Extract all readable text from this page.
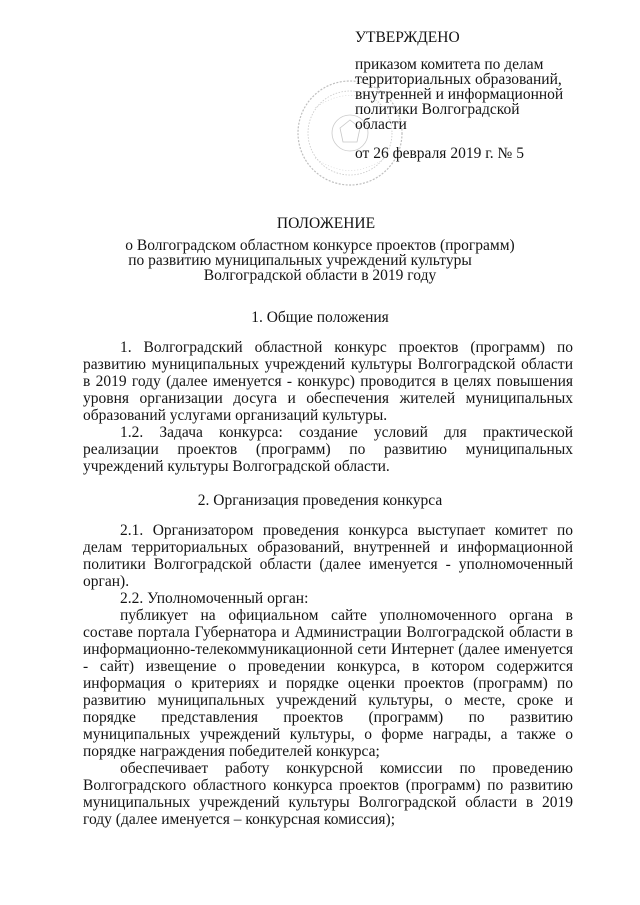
УТВЕРЖДЕНО
приказом комитета по делам
территориальных образований,
внутренней и информационной
политики Волгоградской
области
от 26 февраля 2019 г. № 5
ПОЛОЖЕНИЕ
о Волгоградском областном конкурсе проектов (программ)
по развитию муниципальных учреждений культуры
Волгоградской области в 2019 году
1. Общие положения

1. Волгоградский областной конкурс проектов (программ) по развитию муниципальных учреждений культуры Волгоградской области в 2019 году (далее именуется - конкурс) проводится в целях повышения уровня организации досуга и обеспечения жителей муниципальных образований услугами организаций культуры.

1.2. Задача конкурса: создание условий для практической реализации проектов (программ) по развитию муниципальных учреждений культуры Волгоградской области.

2. Организация проведения конкурса

2.1. Организатором проведения конкурса выступает комитет по делам территориальных образований, внутренней и информационной политики Волгоградской области (далее именуется - уполномоченный орган).

2.2. Уполномоченный орган:

публикует на официальном сайте уполномоченного органа в составе портала Губернатора и Администрации Волгоградской области в информационно-телекоммуникационной сети Интернет (далее именуется - сайт) извещение о проведении конкурса, в котором содержится информация о критериях и порядке оценки проектов (программ) по развитию муниципальных учреждений культуры, о месте, сроке и порядке представления проектов (программ) по развитию муниципальных учреждений культуры, о форме награды, а также о порядке награждения победителей конкурса;

обеспечивает работу конкурсной комиссии по проведению Волгоградского областного конкурса проектов (программ) по развитию муниципальных учреждений культуры Волгоградской области в 2019 году (далее именуется – конкурсная комиссия);
